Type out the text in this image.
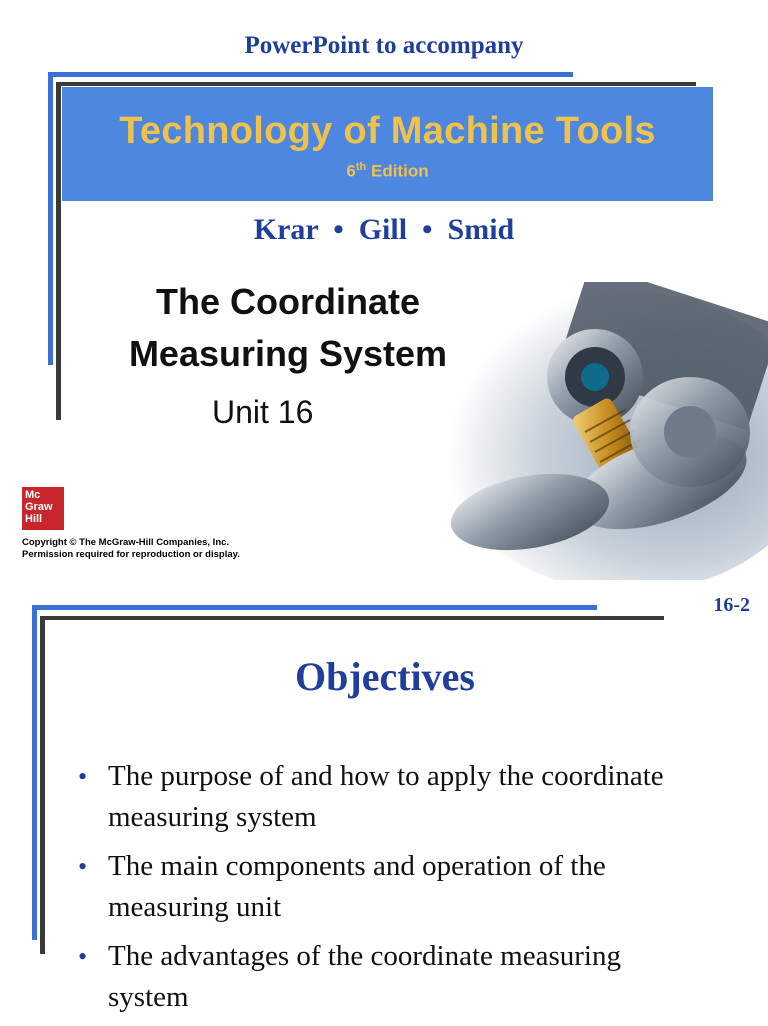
PowerPoint to accompany
Technology of Machine Tools
6th Edition
Krar  •  Gill  •  Smid
The Coordinate
Measuring System
Unit 16
Mc
Graw
Hill
Copyright © The McGraw-Hill Companies, Inc.
Permission required for reproduction or display.
16-2
Objectives
• The purpose of and how to apply the coordinate measuring system
• The main components and operation of the measuring unit
• The advantages of the coordinate measuring system
